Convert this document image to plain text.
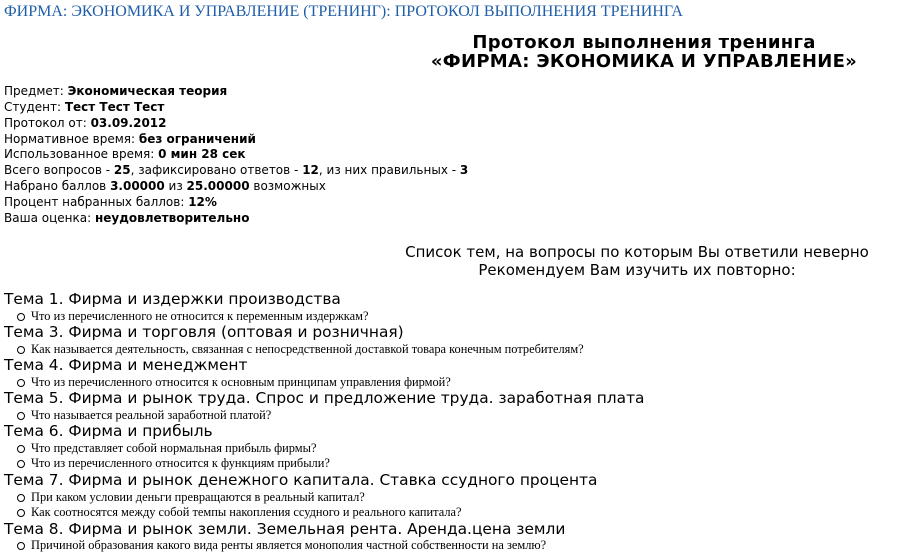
ФИРМА: ЭКОНОМИКА И УПРАВЛЕНИЕ (ТРЕНИНГ): ПРОТОКОЛ ВЫПОЛНЕНИЯ ТРЕНИНГА
Протокол выполнения тренинга
«ФИРМА: ЭКОНОМИКА И УПРАВЛЕНИЕ»
Предмет: Экономическая теория
Студент: Тест Тест Тест
Протокол от: 03.09.2012
Нормативное время: без ограничений
Использованное время: 0 мин 28 сек
Всего вопросов - 25, зафиксировано ответов - 12, из них правильных - 3
Набрано баллов 3.00000 из 25.00000 возможных
Процент набранных баллов: 12%
Ваша оценка: неудовлетворительно
Список тем, на вопросы по которым Вы ответили неверно
Рекомендуем Вам изучить их повторно:
Тема 1. Фирма и издержки производства
Что из перечисленного не относится к переменным издержкам?
Тема 3. Фирма и торговля (оптовая и розничная)
Как называется деятельность, связанная с непосредственной доставкой товара конечным потребителям?
Тема 4. Фирма и менеджмент
Что из перечисленного относится к основным принципам управления фирмой?
Тема 5. Фирма и рынок труда. Спрос и предложение труда. заработная плата
Что называется реальной заработной платой?
Тема 6. Фирма и прибыль
Что представляет собой нормальная прибыль фирмы?
Что из перечисленного относится к функциям прибыли?
Тема 7. Фирма и рынок денежного капитала. Ставка ссудного процента
При каком условии деньги превращаются в реальный капитал?
Как соотносятся между собой темпы накопления ссудного и реального капитала?
Тема 8. Фирма и рынок земли. Земельная рента. Аренда.цена земли
Причиной образования какого вида ренты является монополия частной собственности на землю?
